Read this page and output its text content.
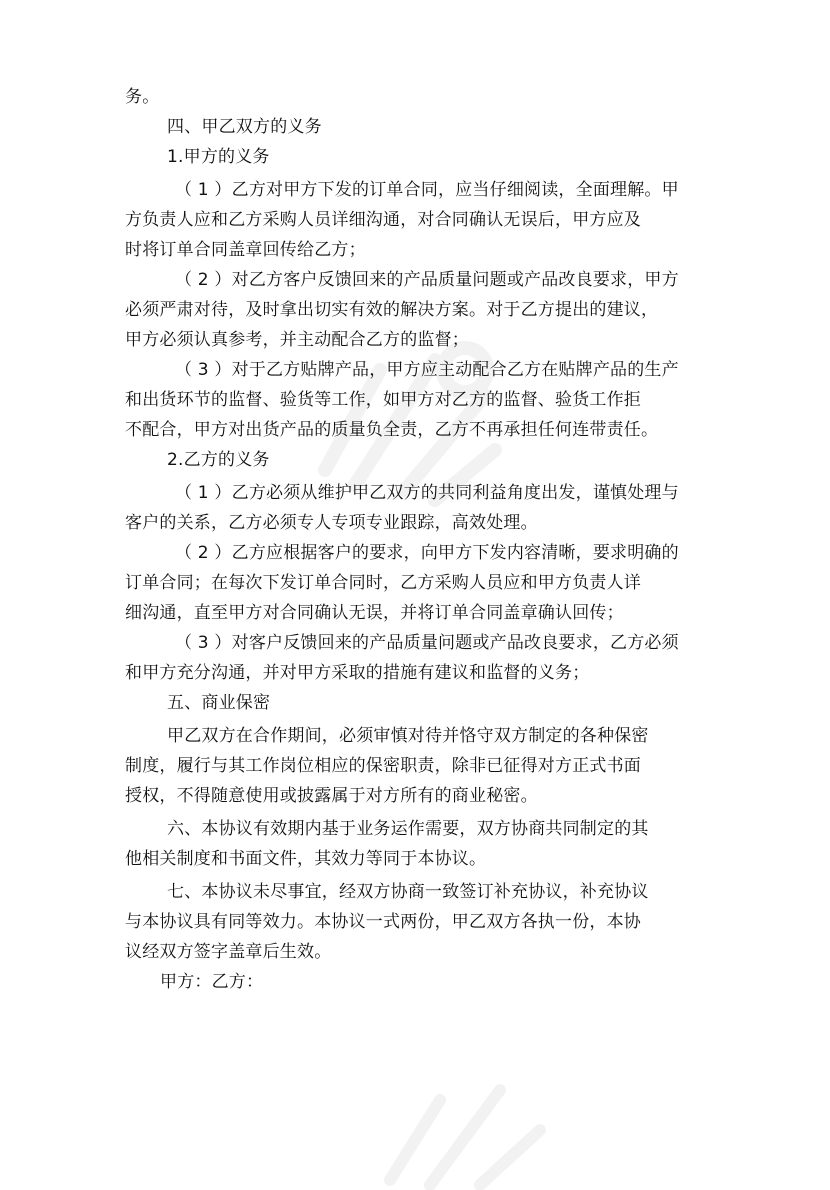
务。
四、甲乙双方的义务
1.甲方的义务
（ 1 ）乙方对甲方下发的订单合同，应当仔细阅读，全面理解。甲
方负责人应和乙方采购人员详细沟通，对合同确认无误后，甲方应及
时将订单合同盖章回传给乙方；
（ 2 ）对乙方客户反馈回来的产品质量问题或产品改良要求，甲方
必须严肃对待，及时拿出切实有效的解决方案。对于乙方提出的建议，
甲方必须认真参考，并主动配合乙方的监督；
（ 3 ）对于乙方贴牌产品，甲方应主动配合乙方在贴牌产品的生产
和出货环节的监督、验货等工作，如甲方对乙方的监督、验货工作拒
不配合，甲方对出货产品的质量负全责，乙方不再承担任何连带责任。
2.乙方的义务
（ 1 ）乙方必须从维护甲乙双方的共同利益角度出发，谨慎处理与
客户的关系，乙方必须专人专项专业跟踪，高效处理。
（ 2 ）乙方应根据客户的要求，向甲方下发内容清晰，要求明确的
订单合同；在每次下发订单合同时，乙方采购人员应和甲方负责人详
细沟通，直至甲方对合同确认无误，并将订单合同盖章确认回传；
（ 3 ）对客户反馈回来的产品质量问题或产品改良要求，乙方必须
和甲方充分沟通，并对甲方采取的措施有建议和监督的义务；
五、商业保密
甲乙双方在合作期间，必须审慎对待并恪守双方制定的各种保密
制度，履行与其工作岗位相应的保密职责，除非已征得对方正式书面
授权，不得随意使用或披露属于对方所有的商业秘密。
六、本协议有效期内基于业务运作需要，双方协商共同制定的其
他相关制度和书面文件，其效力等同于本协议。
七、本协议未尽事宜，经双方协商一致签订补充协议，补充协议
与本协议具有同等效力。本协议一式两份，甲乙双方各执一份，本协
议经双方签字盖章后生效。
甲方：乙方：
